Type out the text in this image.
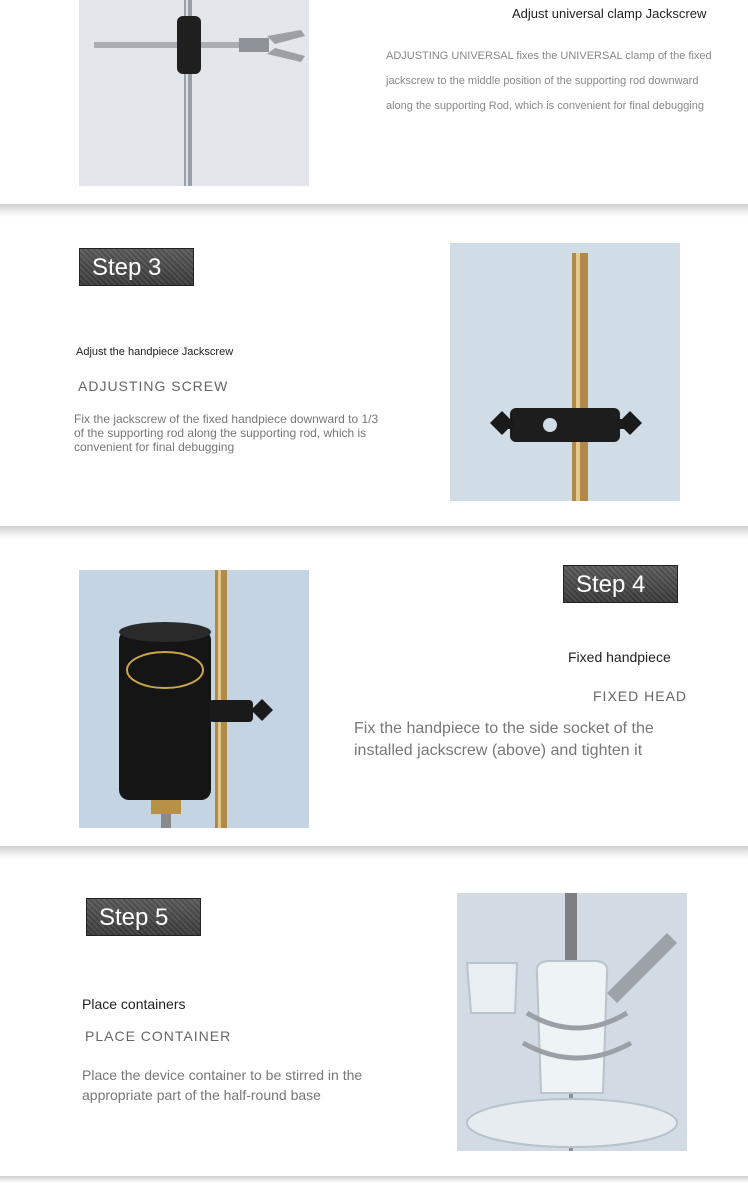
Adjust universal clamp Jackscrew
ADJUSTING UNIVERSAL fixes the UNIVERSAL clamp of the fixed jackscrew to the middle position of the supporting rod downward along the supporting Rod, which is convenient for final debugging
Step 3
Adjust the handpiece Jackscrew
ADJUSTING SCREW
Fix the jackscrew of the fixed handpiece downward to 1/3 of the supporting rod along the supporting rod, which is convenient for final debugging
Step 4
Fixed handpiece
FIXED HEAD
Fix the handpiece to the side socket of the installed jackscrew (above) and tighten it
Step 5
Place containers
PLACE CONTAINER
Place the device container to be stirred in the appropriate part of the half-round base
